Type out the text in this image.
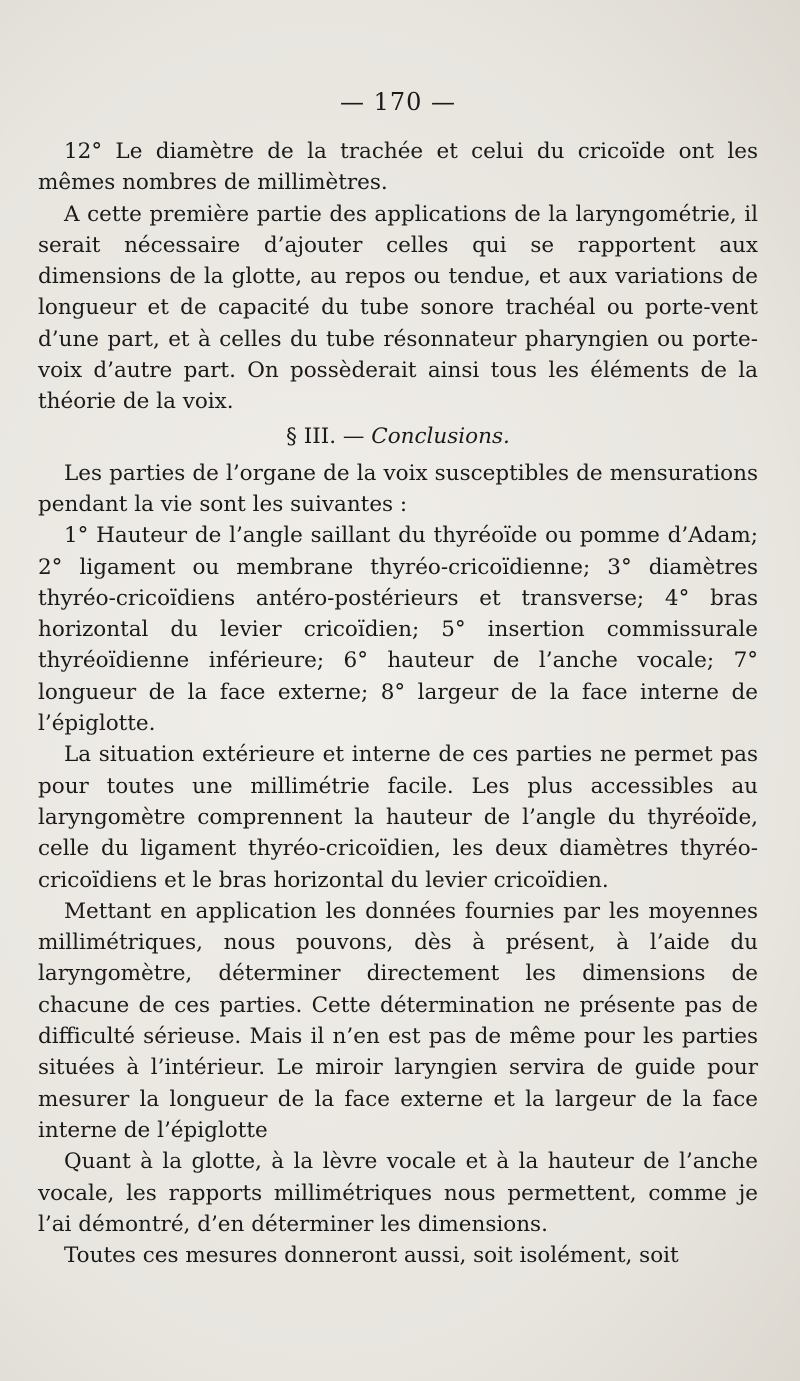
— 170 —

12° Le diamètre de la trachée et celui du cricoïde ont les mêmes nombres de millimètres.

A cette première partie des applications de la laryngométrie, il serait nécessaire d’ajouter celles qui se rapportent aux dimensions de la glotte, au repos ou tendue, et aux variations de longueur et de capacité du tube sonore trachéal ou porte-vent d’une part, et à celles du tube résonnateur pharyngien ou porte-voix d’autre part. On possèderait ainsi tous les éléments de la théorie de la voix.

§ III. — Conclusions.

Les parties de l’organe de la voix susceptibles de mensurations pendant la vie sont les suivantes :

1° Hauteur de l’angle saillant du thyréoïde ou pomme d’Adam; 2° ligament ou membrane thyréo-cricoïdienne; 3° diamètres thyréo-cricoïdiens antéro-postérieurs et transverse; 4° bras horizontal du levier cricoïdien; 5° insertion commissurale thyréoïdienne inférieure; 6° hauteur de l’anche vocale; 7° longueur de la face externe; 8° largeur de la face interne de l’épiglotte.

La situation extérieure et interne de ces parties ne permet pas pour toutes une millimétrie facile. Les plus accessibles au laryngomètre comprennent la hauteur de l’angle du thyréoïde, celle du ligament thyréo-cricoïdien, les deux diamètres thyréo-cricoïdiens et le bras horizontal du levier cricoïdien.

Mettant en application les données fournies par les moyennes millimétriques, nous pouvons, dès à présent, à l’aide du laryngomètre, déterminer directement les dimensions de chacune de ces parties. Cette détermination ne présente pas de difficulté sérieuse. Mais il n’en est pas de même pour les parties situées à l’intérieur. Le miroir laryngien servira de guide pour mesurer la longueur de la face externe et la largeur de la face interne de l’épiglotte

Quant à la glotte, à la lèvre vocale et à la hauteur de l’anche vocale, les rapports millimétriques nous permettent, comme je l’ai démontré, d’en déterminer les dimensions.

Toutes ces mesures donneront aussi, soit isolément, soit
